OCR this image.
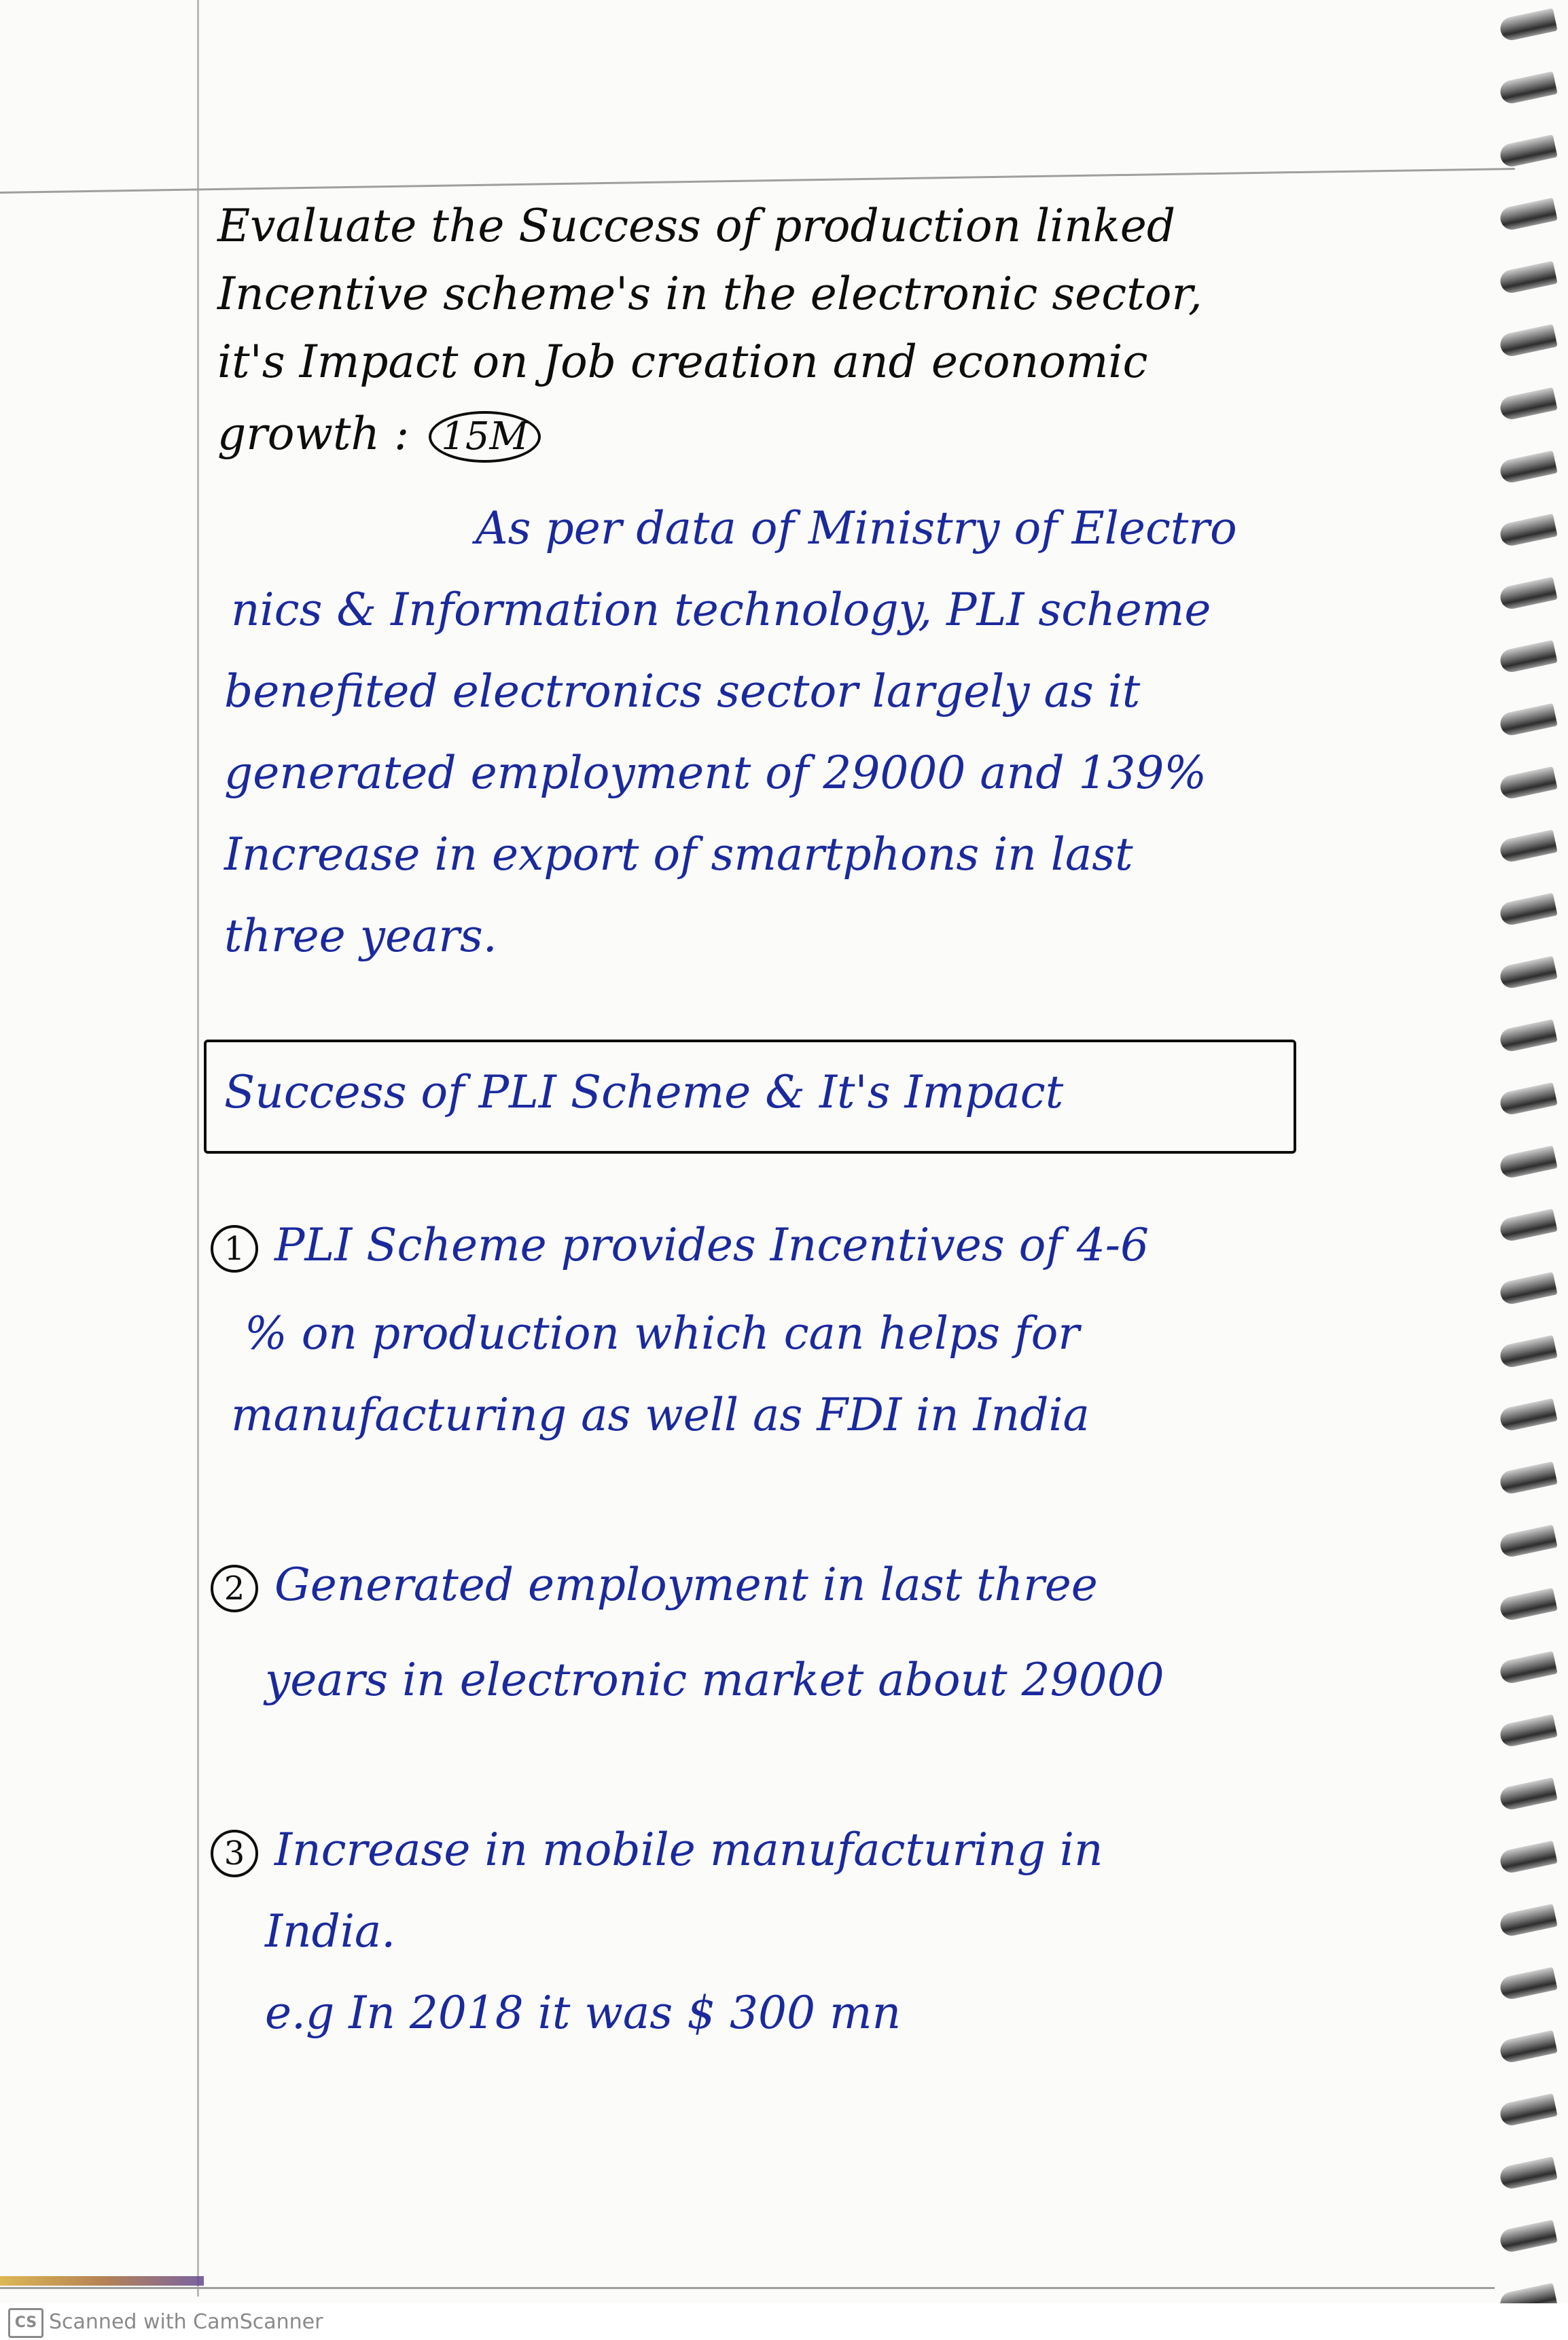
Evaluate the Success of production linked
Incentive scheme's in the electronic sector,
it's Impact on Job creation and economic
growth : 15M
As per data of Ministry of Electro
nics & Information technology, PLI scheme
benefited electronics sector largely as it
generated employment of 29000 and 139%
Increase in export of smartphons in last
three years.
Success of PLI Scheme & It's Impact
1 PLI Scheme provides Incentives of 4-6
% on production which can helps for
manufacturing as well as FDI in India
2 Generated employment in last three
years in electronic market about 29000
3 Increase in mobile manufacturing in
India.
e.g In 2018 it was $ 300 mn
CS Scanned with CamScanner
